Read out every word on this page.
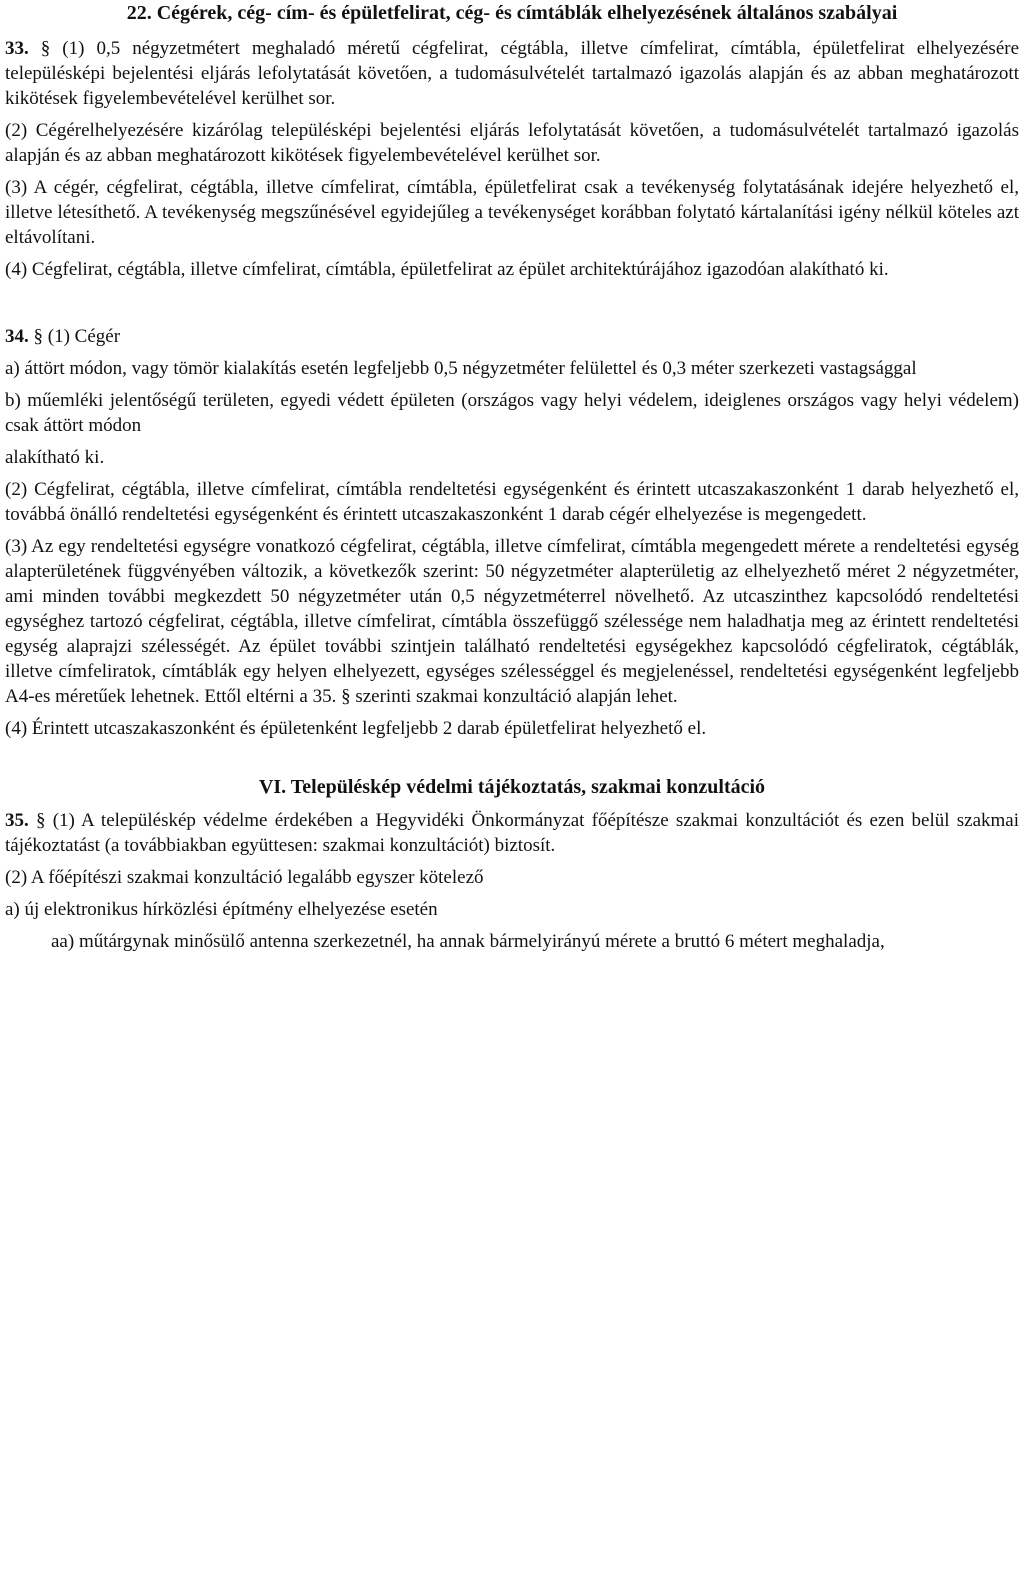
22. Cégérek, cég- cím- és épületfelirat, cég- és címtáblák elhelyezésének általános szabályai

33. § (1) 0,5 négyzetmétert meghaladó méretű cégfelirat, cégtábla, illetve címfelirat, címtábla, épületfelirat elhelyezésére településképi bejelentési eljárás lefolytatását követően, a tudomásulvételét tartalmazó igazolás alapján és az abban meghatározott kikötések figyelembevételével kerülhet sor.

(2) Cégérelhelyezésére kizárólag településképi bejelentési eljárás lefolytatását követően, a tudomásulvételét tartalmazó igazolás alapján és az abban meghatározott kikötések figyelembevételével kerülhet sor.

(3) A cégér, cégfelirat, cégtábla, illetve címfelirat, címtábla, épületfelirat csak a tevékenység folytatásának idejére helyezhető el, illetve létesíthető. A tevékenység megszűnésével egyidejűleg a tevékenységet korábban folytató kártalanítási igény nélkül köteles azt eltávolítani.

(4) Cégfelirat, cégtábla, illetve címfelirat, címtábla, épületfelirat az épület architektúrájához igazodóan alakítható ki.

34. § (1) Cégér

a) áttört módon, vagy tömör kialakítás esetén legfeljebb 0,5 négyzetméter felülettel és 0,3 méter szerkezeti vastagsággal

b) műemléki jelentőségű területen, egyedi védett épületen (országos vagy helyi védelem, ideiglenes országos vagy helyi védelem) csak áttört módon

alakítható ki.

(2) Cégfelirat, cégtábla, illetve címfelirat, címtábla rendeltetési egységenként és érintett utcaszakaszonként 1 darab helyezhető el, továbbá önálló rendeltetési egységenként és érintett utcaszakaszonként 1 darab cégér elhelyezése is megengedett.

(3) Az egy rendeltetési egységre vonatkozó cégfelirat, cégtábla, illetve címfelirat, címtábla megengedett mérete a rendeltetési egység alapterületének függvényében változik, a következők szerint: 50 négyzetméter alapterületig az elhelyezhető méret 2 négyzetméter, ami minden további megkezdett 50 négyzetméter után 0,5 négyzetméterrel növelhető. Az utcaszinthez kapcsolódó rendeltetési egységhez tartozó cégfelirat, cégtábla, illetve címfelirat, címtábla összefüggő szélessége nem haladhatja meg az érintett rendeltetési egység alaprajzi szélességét. Az épület további szintjein található rendeltetési egységekhez kapcsolódó cégfeliratok, cégtáblák, illetve címfeliratok, címtáblák egy helyen elhelyezett, egységes szélességgel és megjelenéssel, rendeltetési egységenként legfeljebb A4-es méretűek lehetnek. Ettől eltérni a 35. § szerinti szakmai konzultáció alapján lehet.

(4) Érintett utcaszakaszonként és épületenként legfeljebb 2 darab épületfelirat helyezhető el.

VI. Településkép védelmi tájékoztatás, szakmai konzultáció

35. § (1) A településkép védelme érdekében a Hegyvidéki Önkormányzat főépítésze szakmai konzultációt és ezen belül szakmai tájékoztatást (a továbbiakban együttesen: szakmai konzultációt) biztosít.

(2) A főépítészi szakmai konzultáció legalább egyszer kötelező

a) új elektronikus hírközlési építmény elhelyezése esetén

aa) műtárgynak minősülő antenna szerkezetnél, ha annak bármelyirányú mérete a bruttó 6 métert meghaladja,
